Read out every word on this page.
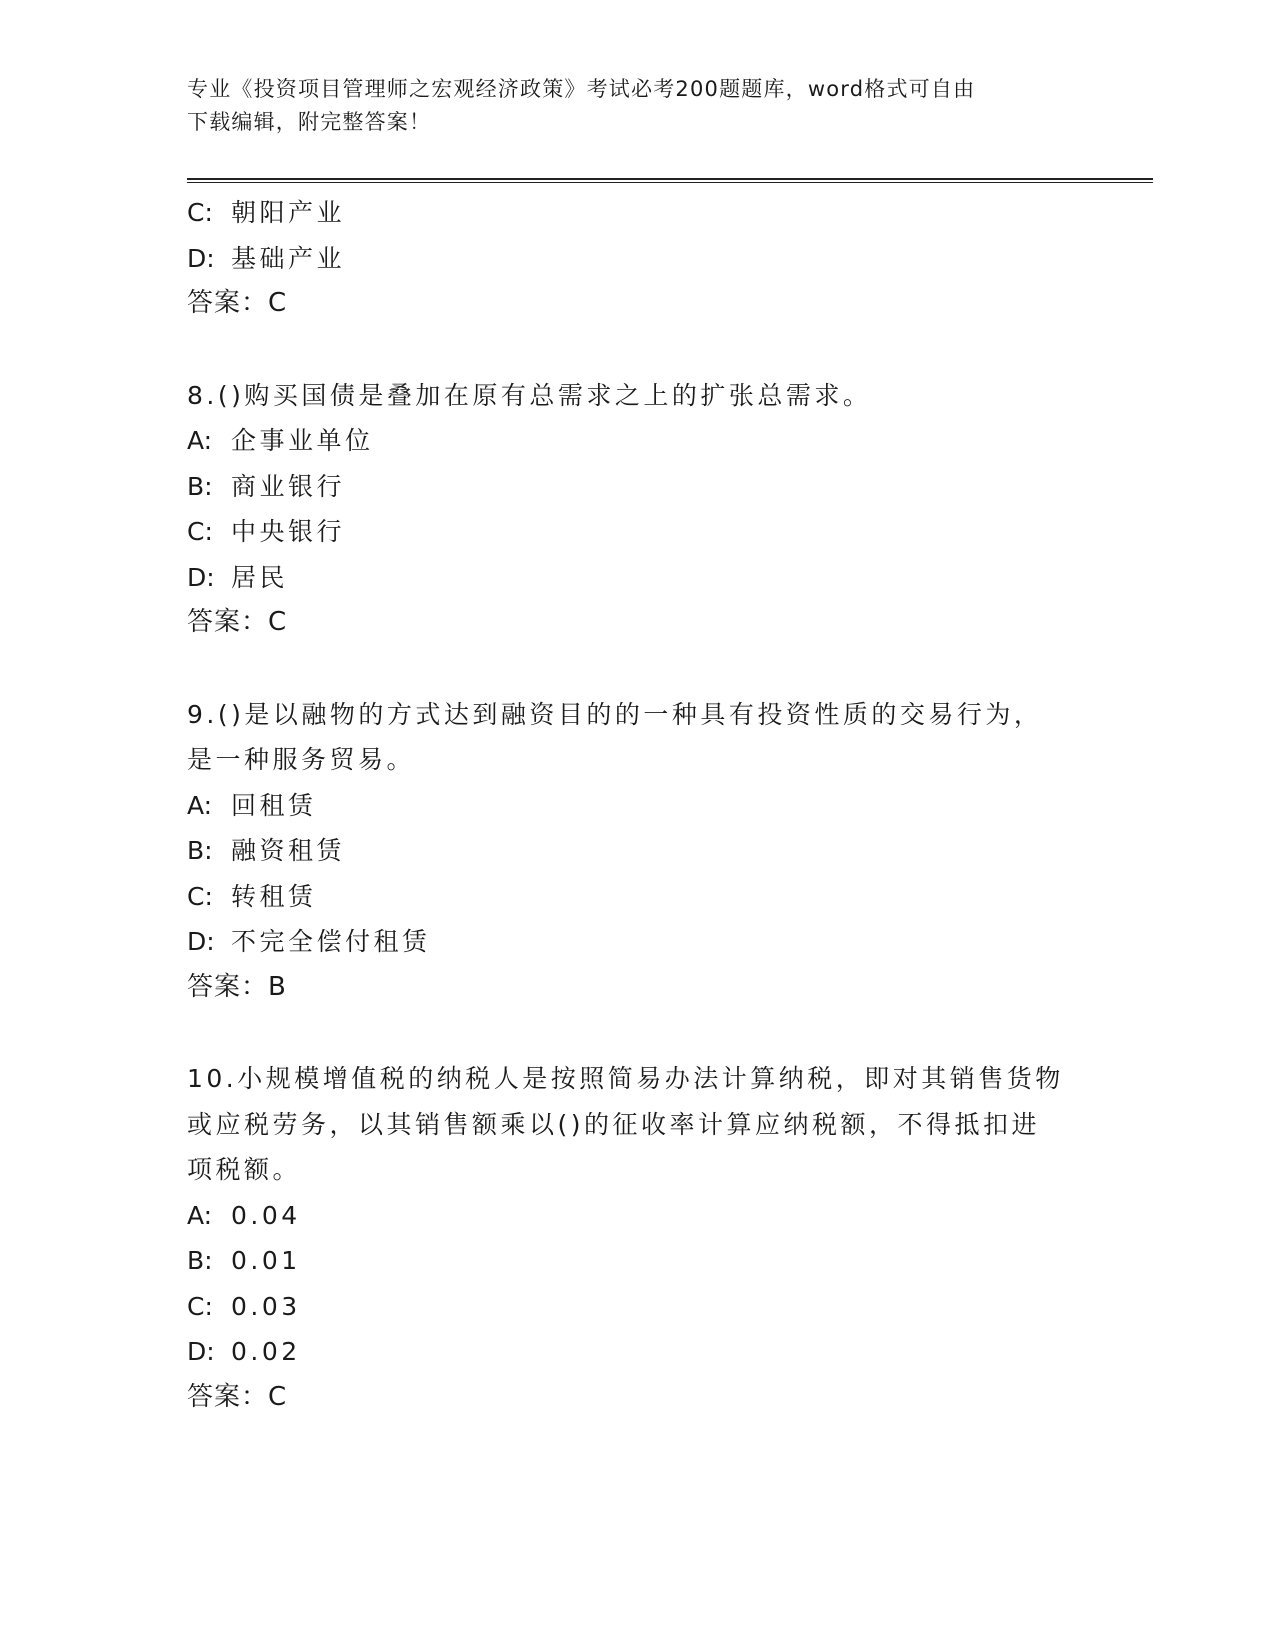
专业《投资项目管理师之宏观经济政策》考试必考200题题库，word格式可自由
下载编辑，附完整答案！
C: 朝阳产业
D: 基础产业
答案：C
8.()购买国债是叠加在原有总需求之上的扩张总需求。
A: 企事业单位
B: 商业银行
C: 中央银行
D: 居民
答案：C
9.()是以融物的方式达到融资目的的一种具有投资性质的交易行为，
是一种服务贸易。
A: 回租赁
B: 融资租赁
C: 转租赁
D: 不完全偿付租赁
答案：B
10.小规模增值税的纳税人是按照简易办法计算纳税，即对其销售货物
或应税劳务，以其销售额乘以()的征收率计算应纳税额，不得抵扣进
项税额。
A: 0.04
B: 0.01
C: 0.03
D: 0.02
答案：C
